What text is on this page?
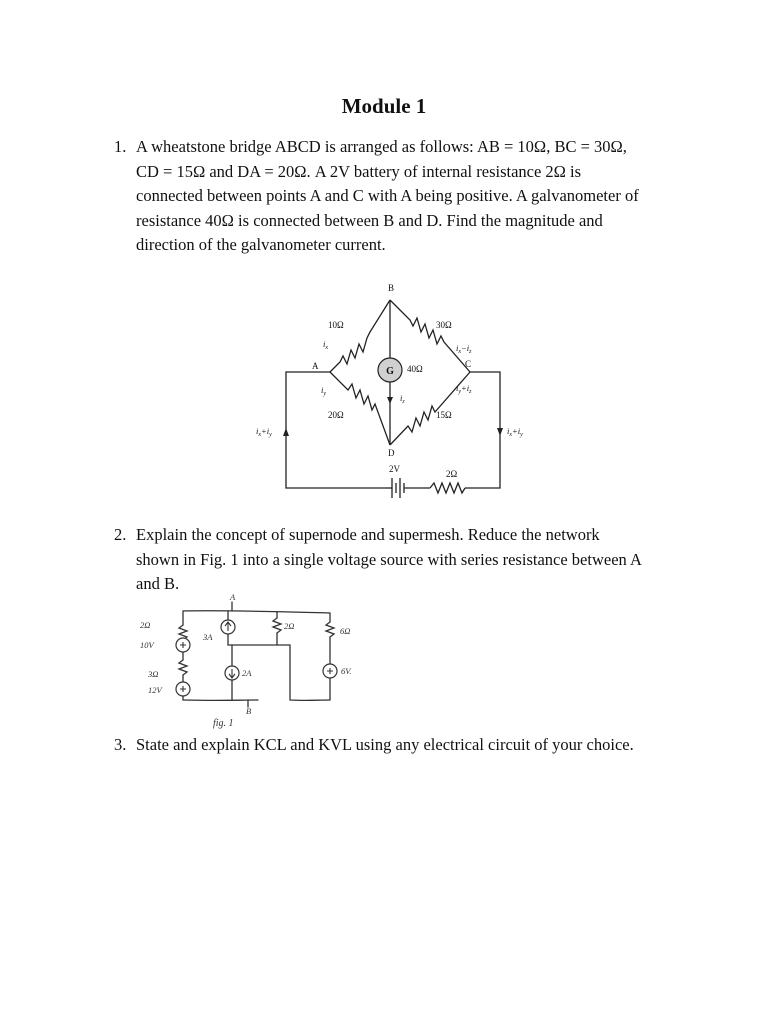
Module 1
1. A wheatstone bridge ABCD is arranged as follows: AB = 10Ω, BC = 30Ω,
CD = 15Ω and DA = 20Ω. A 2V battery of internal resistance 2Ω is
connected between points A and C with A being positive. A galvanometer of
resistance 40Ω is connected between B and D. Find the magnitude and
direction of the galvanometer current.
G
B
A	C
D
10Ω	30Ω
40Ω
20Ω	15Ω
2V	2Ω
$i_x$
$i_y$	$i_z$
$i_x-i_z$
$i_y+i_z$
$i_x+i_y$	$i_x+i_y$
2. Explain the concept of supernode and supermesh. Reduce the network
shown in Fig. 1 into a single voltage source with series resistance between A
and B.
A
2Ω
10V
3Ω
12V
3A
2A
2Ω	6Ω
6V.
B
fig. 1
3. State and explain KCL and KVL using any electrical circuit of your choice.
